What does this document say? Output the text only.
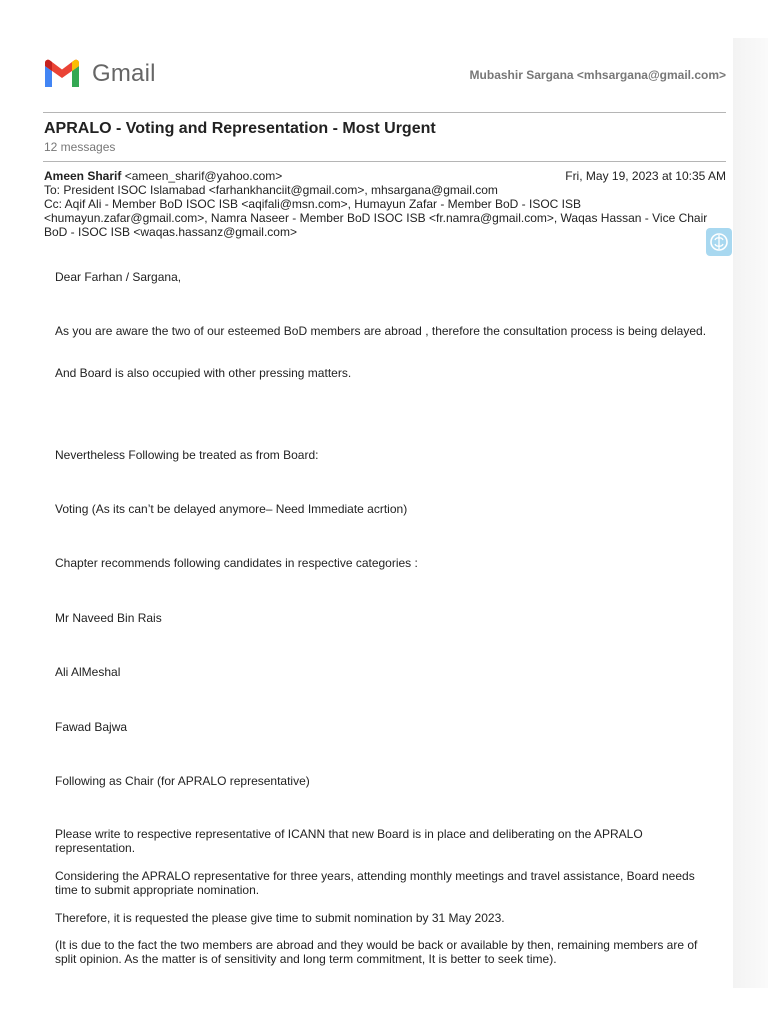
Gmail	Mubashir Sargana <mhsargana@gmail.com>
APRALO - Voting and Representation - Most Urgent
12 messages
Ameen Sharif <ameen_sharif@yahoo.com>	Fri, May 19, 2023 at 10:35 AM
To: President ISOC Islamabad <farhankhanciit@gmail.com>, mhsargana@gmail.com
Cc: Aqif Ali - Member BoD ISOC ISB <aqifali@msn.com>, Humayun Zafar - Member BoD - ISOC ISB <humayun.zafar@gmail.com>, Namra Naseer - Member BoD ISOC ISB <fr.namra@gmail.com>, Waqas Hassan - Vice Chair BoD - ISOC ISB <waqas.hassanz@gmail.com>

Dear Farhan / Sargana,

As you are aware the two of our esteemed BoD members are abroad , therefore the consultation process is being delayed.

And Board is also occupied with other pressing matters.

Nevertheless Following be treated as from Board:

Voting (As its can’t be delayed anymore– Need Immediate acrtion)

Chapter recommends following candidates in respective categories :

Mr Naveed Bin Rais

Ali AlMeshal

Fawad Bajwa

Following as Chair (for APRALO representative)

Please write to respective representative of ICANN that new Board is in place and deliberating on the APRALO representation.

Considering the APRALO representative for three years, attending monthly meetings and travel assistance, Board needs time to submit appropriate nomination.

Therefore, it is requested the please give time to submit nomination by 31 May 2023.

(It is due to the fact the two members are abroad and they would be back or available by then, remaining members are of split opinion. As the matter is of sensitivity and long term commitment, It is better to seek time).
